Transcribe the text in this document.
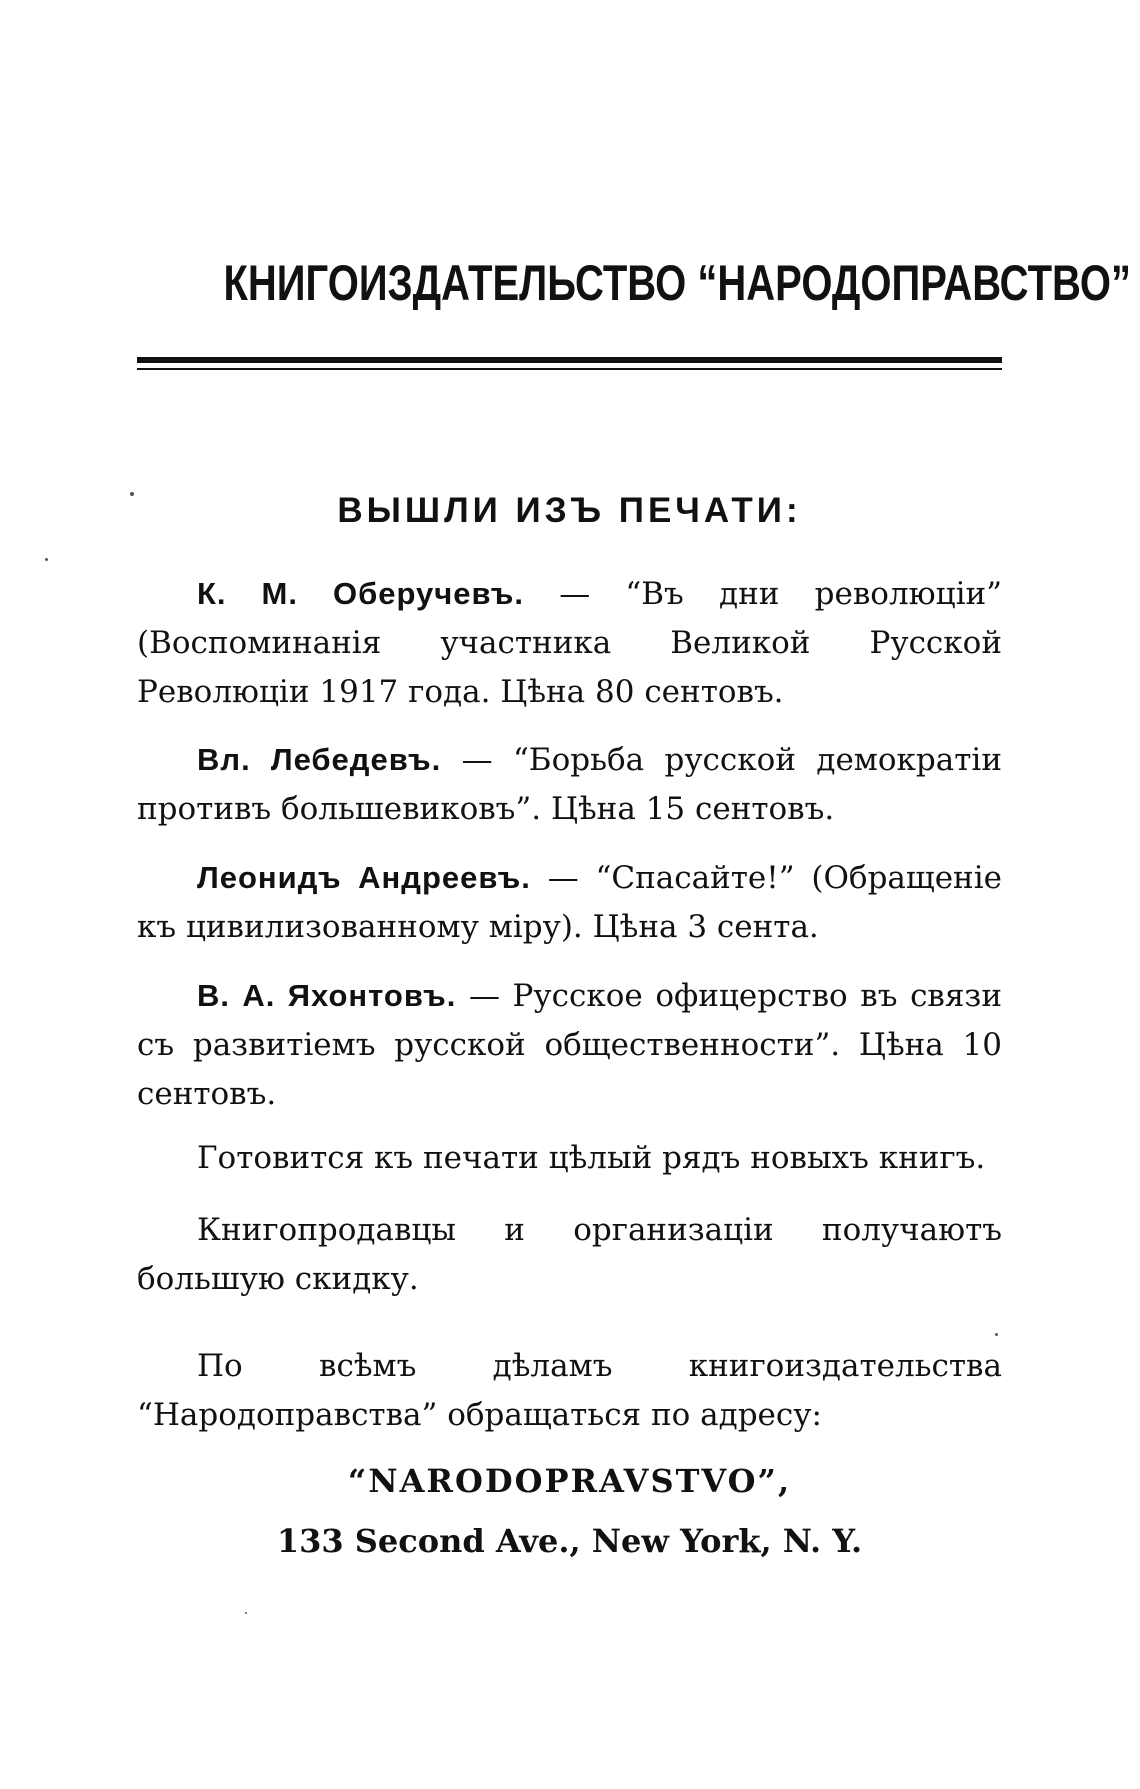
КНИГОИЗДАТЕЛЬСТВО “НАРОДОПРАВСТВО”
ВЫШЛИ ИЗЪ ПЕЧАТИ:

К. М. Оберучевъ. — “Въ дни революціи” (Воспоминанія участника Великой Русской Революціи 1917 года. Цѣна 80 сентовъ.

Вл. Лебедевъ. — “Борьба русской демократіи противъ большевиковъ”. Цѣна 15 сентовъ.

Леонидъ Андреевъ. — “Спасайте!” (Обращеніе къ цивилизованному міру). Цѣна 3 сента.

В. А. Яхонтовъ. — Русское офицерство въ связи съ развитіемъ русской общественности”. Цѣна 10 сентовъ.

Готовится къ печати цѣлый рядъ новыхъ книгъ.

Книгопродавцы и организаціи получаютъ большую скидку.

По всѣмъ дѣламъ книгоиздательства “Народоправства” обращаться по адресу:

“NARODOPRAVSTVO”,
133 Second Ave., New York, N. Y.
